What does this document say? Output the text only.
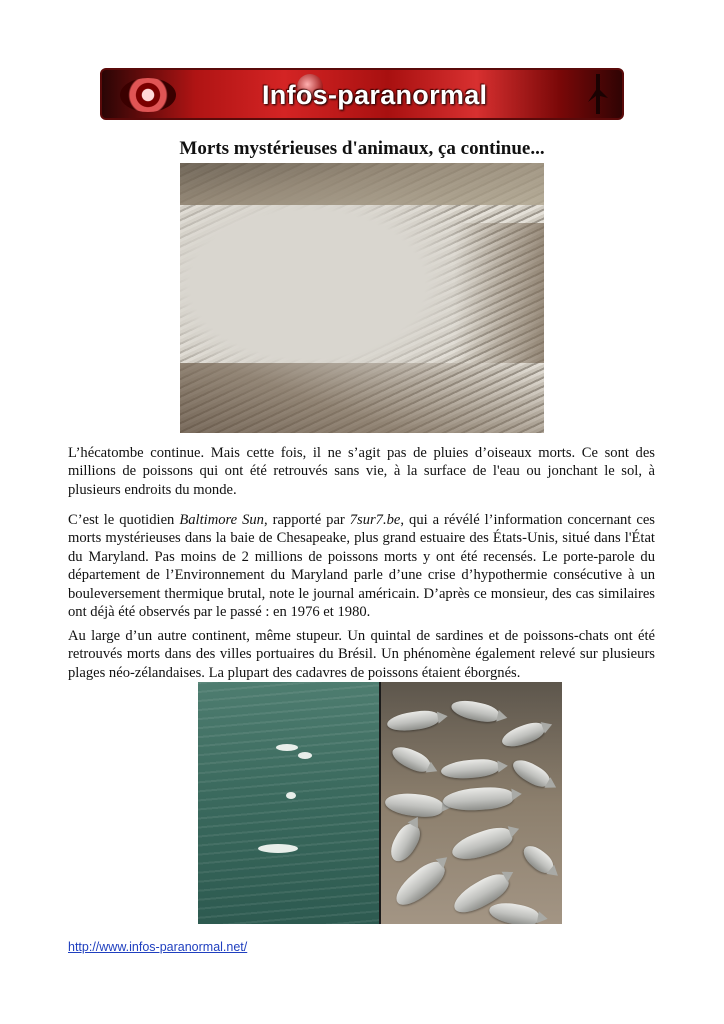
Infos-paranormal
Morts mystérieuses d'animaux, ça continue...

L’hécatombe continue. Mais cette fois, il ne s’agit pas de pluies d’oiseaux morts. Ce sont des millions de poissons qui ont été retrouvés sans vie, à la surface de l'eau ou jonchant le sol, à plusieurs endroits du monde.

C’est le quotidien Baltimore Sun, rapporté par 7sur7.be, qui a révélé l’information concernant ces morts mystérieuses dans la baie de Chesapeake, plus grand estuaire des États-Unis, situé dans l'État du Maryland. Pas moins de 2 millions de poissons morts y ont été recensés. Le porte-parole du département de l’Environnement du Maryland parle d’une crise d’hypothermie consécutive à un bouleversement thermique brutal, note le journal américain. D’après ce monsieur, des cas similaires ont déjà été observés par le passé : en 1976 et 1980.

Au large d’un autre continent, même stupeur. Un quintal de sardines et de poissons-chats ont été retrouvés morts dans des villes portuaires du Brésil. Un phénomène également relevé sur plusieurs plages néo-zélandaises. La plupart des cadavres de poissons étaient éborgnés.

http://www.infos-paranormal.net/
